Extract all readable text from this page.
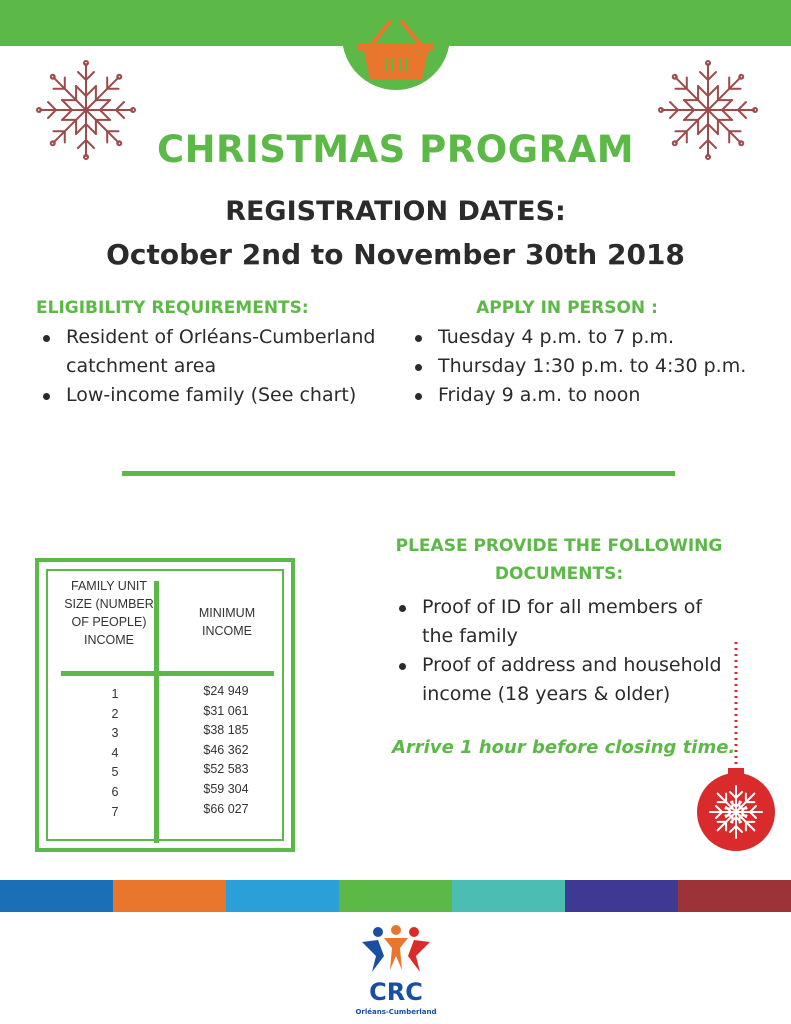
CHRISTMAS PROGRAM
REGISTRATION DATES:
October 2nd to November 30th 2018
ELIGIBILITY REQUIREMENTS:
Resident of Orléans-Cumberland catchment area
Low-income family (See chart)
APPLY IN PERSON :
Tuesday 4 p.m. to 7 p.m.
Thursday 1:30 p.m. to 4:30 p.m.
Friday 9 a.m. to noon
FAMILY UNIT SIZE (NUMBER OF PEOPLE) INCOME
MINIMUM INCOME
1
2
3
4
5
6
7
$24 949
$31 061
$38 185
$46 362
$52 583
$59 304
$66 027
PLEASE PROVIDE THE FOLLOWING DOCUMENTS:
Proof of ID for all members of the family
Proof of address and household income (18 years & older)
Arrive 1 hour before closing time.
CRC
Orléans-Cumberland
